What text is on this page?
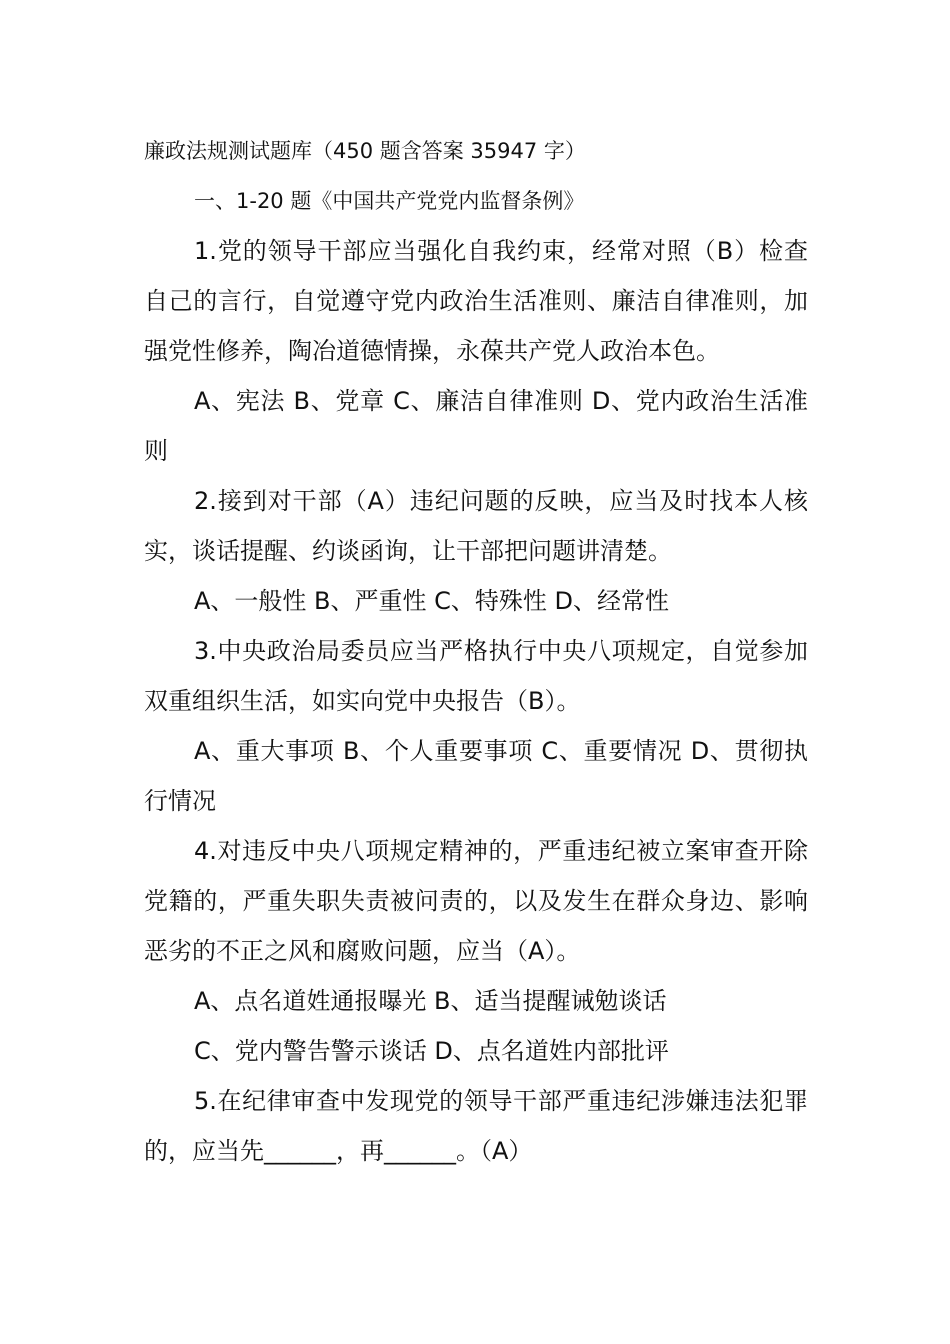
廉政法规测试题库（450 题含答案 35947 字）
一、1-20 题《中国共产党党内监督条例》

1.党的领导干部应当强化自我约束，经常对照（B）检查自己的言行，自觉遵守党内政治生活准则、廉洁自律准则，加强党性修养，陶冶道德情操，永葆共产党人政治本色。

A、宪法 B、党章 C、廉洁自律准则 D、党内政治生活准则

2.接到对干部（A）违纪问题的反映，应当及时找本人核实，谈话提醒、约谈函询，让干部把问题讲清楚。

A、一般性 B、严重性 C、特殊性 D、经常性

3.中央政治局委员应当严格执行中央八项规定，自觉参加双重组织生活，如实向党中央报告（B）。

A、重大事项 B、个人重要事项 C、重要情况 D、贯彻执行情况

4.对违反中央八项规定精神的，严重违纪被立案审查开除党籍的，严重失职失责被问责的，以及发生在群众身边、影响恶劣的不正之风和腐败问题，应当（A）。

A、点名道姓通报曝光 B、适当提醒诫勉谈话

C、党内警告警示谈话 D、点名道姓内部批评

5.在纪律审查中发现党的领导干部严重违纪涉嫌违法犯罪的，应当先______，再______。（A）
